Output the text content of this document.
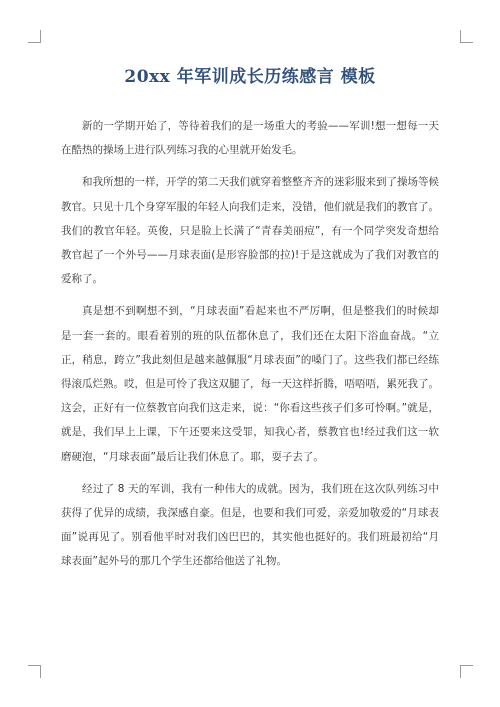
20xx 年军训成长历练感言 模板

新的一学期开始了，等待着我们的是一场重大的考验——军训!想一想每一天在酷热的操场上进行队列练习我的心里就开始发毛。

和我所想的一样，开学的第二天我们就穿着整整齐齐的迷彩服来到了操场等候教官。只见十几个身穿军服的年轻人向我们走来，没错，他们就是我们的教官了。我们的教官年轻。英俊，只是脸上长满了“青春美丽痘”，有一个同学突发奇想给教官起了一个外号——月球表面(是形容脸部的拉)!于是这就成为了我们对教官的爱称了。

真是想不到啊想不到，“月球表面”看起来也不严厉啊，但是整我们的时候却是一套一套的。眼看着别的班的队伍都休息了，我们还在太阳下浴血奋战。“立正，稍息，跨立”我此刻但是越来越佩服“月球表面”的嗓门了。这些我们都已经练得滚瓜烂熟。哎，但是可怜了我这双腿了，每一天这样折腾，唔唔唔，累死我了。这会，正好有一位蔡教官向我们这走来，说：“你看这些孩子们多可怜啊。”就是，就是，我们早上上课，下午还要来这受罪，知我心者，蔡教官也!经过我们这一软磨硬泡，“月球表面”最后让我们休息了。耶，耍子去了。

经过了 8 天的军训，我有一种伟大的成就。因为，我们班在这次队列练习中获得了优异的成绩，我深感自豪。但是，也要和我们可爱，亲爱加敬爱的“月球表面”说再见了。别看他平时对我们凶巴巴的，其实他也挺好的。我们班最初给“月球表面”起外号的那几个学生还都给他送了礼物。
